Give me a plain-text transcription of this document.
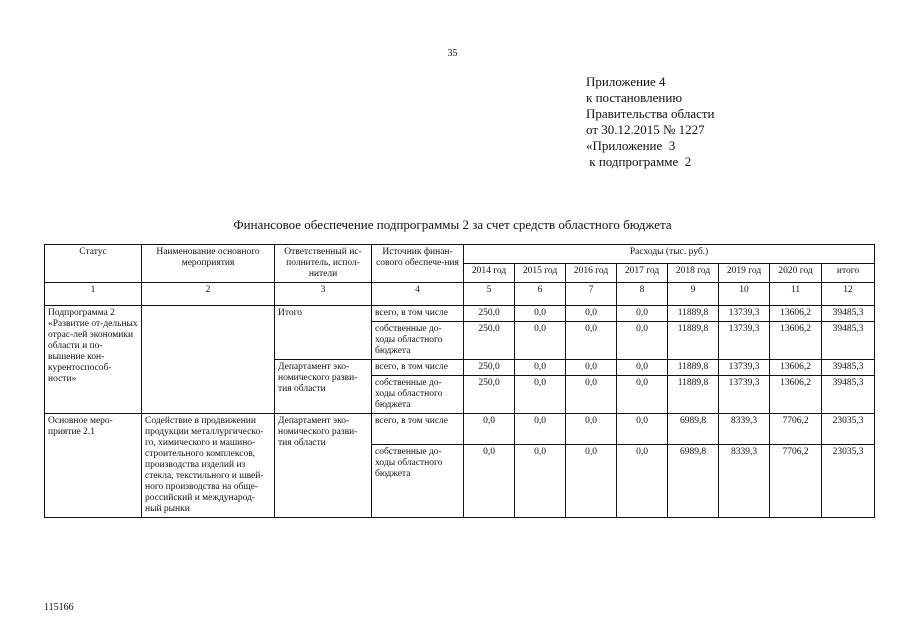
35
Приложение 4
к постановлению
Правительства области
от 30.12.2015 № 1227
«Приложение  3
к подпрограмме  2
Финансовое обеспечение подпрограммы 2 за счет средств областного бюджета
Статус	Наименование основного мероприятия	Ответственный ис-полнитель, испол-нители	Источник финан-сового обеспече-ния	Расходы (тыс. руб.)							
				2014 год	2015 год	2016 год	2017 год	2018 год	2019 год	2020 год	итого
1	2	3	4	5	6	7	8	9	10	11	12
Подпрограмма 2 «Развитие от-дельных отрас-лей экономики области и по-вышение кон-курентоспособ-ности»		Итого	всего, в том числе	250,0	0,0	0,0	0,0	11889,8	13739,3	13606,2	39485,3
			собственные до-ходы областного бюджета	250,0	0,0	0,0	0,0	11889,8	13739,3	13606,2	39485,3
		Департамент эко-номического разви-тия области	всего, в том числе	250,0	0,0	0,0	0,0	11889,8	13739,3	13606,2	39485,3
			собственные до-ходы областного бюджета	250,0	0,0	0,0	0,0	11889,8	13739,3	13606,2	39485,3
Основное меро-приятие 2.1	Содействие в продвижении продукции металлургическо-го, химического и машино-строительного комплексов, производства изделий из стекла, текстильного и швей-ного производства на обще-российский и международ-ный рынки	Департамент эко-номического разви-тия области	всего, в том числе	0,0	0,0	0,0	0,0	6989,8	8339,3	7706,2	23035,3
			собственные до-ходы областного бюджета	0,0	0,0	0,0	0,0	6989,8	8339,3	7706,2	23035,3
115166
